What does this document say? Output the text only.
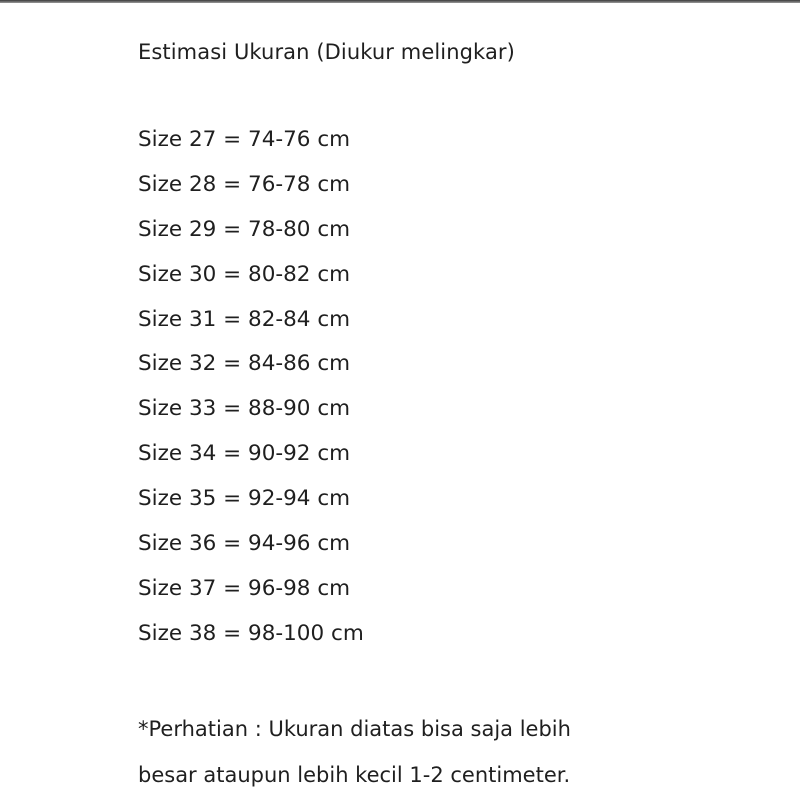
Estimasi Ukuran (Diukur melingkar)
Size 27 = 74-76 cm
Size 28 = 76-78 cm
Size 29 = 78-80 cm
Size 30 = 80-82 cm
Size 31 = 82-84 cm
Size 32 = 84-86 cm
Size 33 = 88-90 cm
Size 34 = 90-92 cm
Size 35 = 92-94 cm
Size 36 = 94-96 cm
Size 37 = 96-98 cm
Size 38 = 98-100 cm
*Perhatian : Ukuran diatas bisa saja lebih
besar ataupun lebih kecil 1-2 centimeter.
